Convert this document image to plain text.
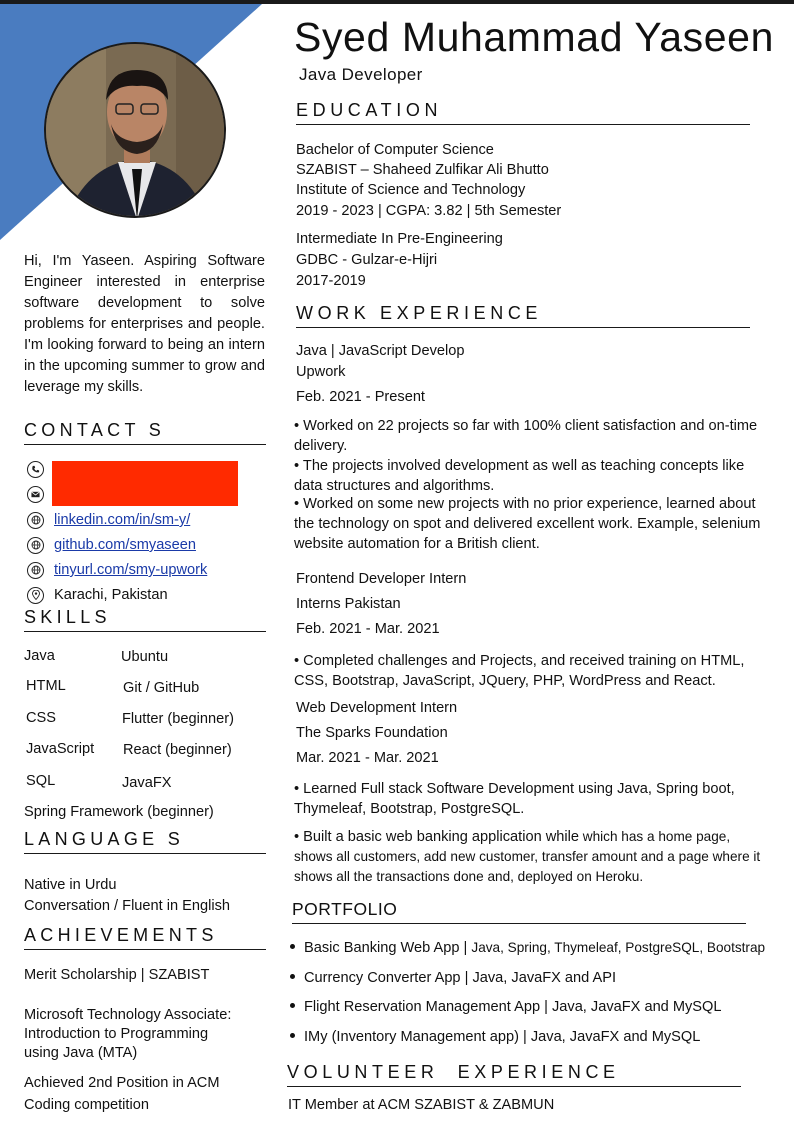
Hi, I'm Yaseen. Aspiring Software Engineer interested in enterprise software development to solve problems for enterprises and people. I'm looking forward to being an intern in the upcoming summer to grow and leverage my skills.
CONTACT S
linkedin.com/in/sm-y/
github.com/smyaseen
tinyurl.com/smy-upwork
Karachi, Pakistan
SKILLS
Java
HTML
CSS
JavaScript
SQL
Ubuntu
Git / GitHub
Flutter (beginner)
React (beginner)
JavaFX
Spring Framework (beginner)
LANGUAGE S
Native in Urdu
Conversation / Fluent in English
ACHIEVEMENTS
Merit Scholarship | SZABIST
Microsoft Technology Associate:
Introduction to Programming
using Java (MTA)
Achieved 2nd Position in ACM
Coding competition
Syed Muhammad Yaseen
Java Developer
EDUCATION
Bachelor of Computer Science
SZABIST – Shaheed Zulfikar Ali Bhutto
Institute of Science and Technology
2019 - 2023 | CGPA: 3.82 | 5th Semester
Intermediate In Pre-Engineering
GDBC - Gulzar-e-Hijri
2017-2019
WORK EXPERIENCE
Java | JavaScript Develop
Upwork
Feb. 2021 - Present
• Worked on 22 projects so far with 100% client satisfaction and on-time delivery.
• The projects involved development as well as teaching concepts like data structures and algorithms.
• Worked on some new projects with no prior experience, learned about the technology on spot and delivered excellent work. Example, selenium website automation for a British client.
Frontend Developer Intern
Interns Pakistan
Feb. 2021 - Mar. 2021
• Completed challenges and Projects, and received training on HTML, CSS, Bootstrap, JavaScript, JQuery, PHP, WordPress and React.
Web Development Intern
The Sparks Foundation
Mar. 2021 - Mar. 2021
• Learned Full stack Software Development using Java, Spring boot, Thymeleaf, Bootstrap, PostgreSQL.
• Built a basic web banking application while which has a home page, shows all customers, add new customer, transfer amount and a page where it shows all the transactions done and, deployed on Heroku.
PORTFOLIO
Basic Banking Web App | Java, Spring, Thymeleaf, PostgreSQL, Bootstrap
Currency Converter App | Java, JavaFX and API
Flight Reservation Management App | Java, JavaFX and MySQL
IMy (Inventory Management app) | Java, JavaFX and MySQL
VOLUNTEER  EXPERIENCE
IT Member at ACM SZABIST & ZABMUN
